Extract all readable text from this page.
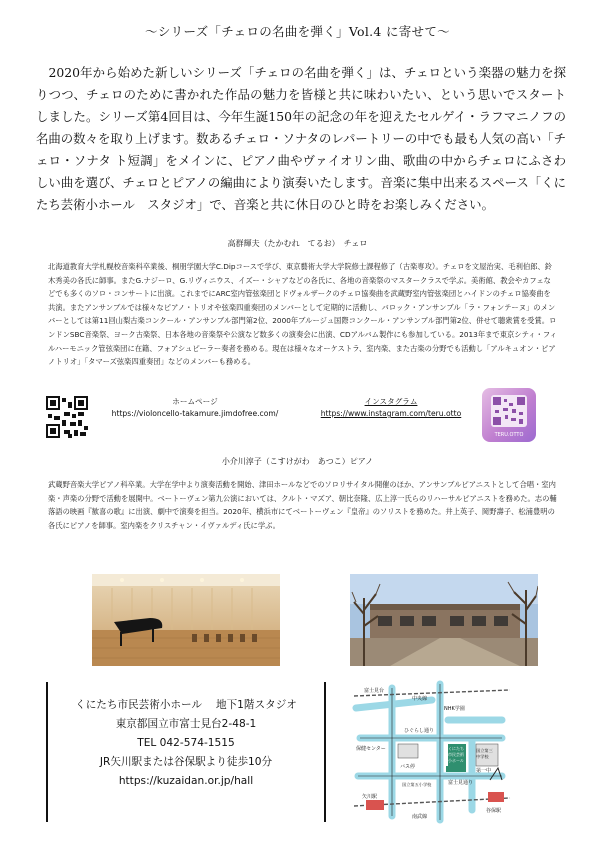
～シリーズ「チェロの名曲を弾く」Vol.4 に寄せて～
　2020年から始めた新しいシリーズ「チェロの名曲を弾く」は、チェロという楽器の魅力を探りつつ、チェロのために書かれた作品の魅力を皆様と共に味わいたい、という思いでスタートしました。シリーズ第4回目は、今年生誕150年の記念の年を迎えたセルゲイ・ラフマニノフの名曲の数々を取り上げます。数あるチェロ・ソナタのレパートリーの中でも最も人気の高い「チェロ・ソナタ ト短調」をメインに、ピアノ曲やヴァイオリン曲、歌曲の中からチェロにふさわしい曲を選び、チェロとピアノの編曲により演奏いたします。音楽に集中出来るスペース「くにたち芸術小ホール　スタジオ」で、音楽と共に休日のひと時をお楽しみください。
高群輝夫（たかむれ　てるお）　チェロ
北海道教育大学札幌校音楽科卒業後、桐朋学園大学C.Dipコースで学び、東京藝術大学大学院修士課程修了（古楽専攻）。チェロを文屋治実、毛利伯郎、鈴木秀美の各氏に師事。またG.ナジーロ、G.リヴィニウス、イズー・シャアなどの各氏に、各地の音楽祭のマスタークラスで学ぶ。美術館、教会やカフェなどでも多くのソロ・コンサートに出演。これまでにARC室内管弦楽団とドヴォルザークのチェロ協奏曲を武蔵野室内管弦楽団とハイドンのチェロ協奏曲を共演。またアンサンブルでは様々なピアノ・トリオや弦楽四重奏団のメンバーとして定期的に活動し、バロック・アンサンブル「ラ・フォンテーヌ」のメンバーとしては第11回山梨古楽コンクール・アンサンブル部門第2位、2000年ブルージュ国際コンクール・アンサンブル部門第2位、併せて聴衆賞を受賞。ロンドンSBC音楽祭、ヨーク古楽祭、日本各地の音楽祭や公演など数多くの演奏会に出演、CDアルバム製作にも参加している。2013年まで東京シティ・フィルハーモニック管弦楽団に在籍、フォアシュピーラー奏者を務める。現在は様々なオーケストラ、室内楽、また古楽の分野でも活動し「アルキュオン・ピアノトリオ」「タマーズ弦楽四重奏団」などのメンバーも務める。
ホームページ
https://violoncello-takamure.jimdofree.com/
インスタグラム
https://www.instagram.com/teru.otto
TERU.OTTO
小介川淳子（こすけがわ　あつこ）ピアノ
武蔵野音楽大学ピアノ科卒業。大学在学中より演奏活動を開始、津田ホールなどでのソロリサイタル開催のほか、アンサンブルピアニストとして合唱・室内楽・声楽の分野で活動を展開中。ベートーヴェン第九公演においては、クルト・マズア、朝比奈隆、広上淳一氏らのリハーサルピアニストを務めた。志の輔落語の映画『歓喜の歌』に出演、劇中で演奏を担当。2020年、横浜市にてベートーヴェン『皇帝』のソリストを務めた。井上英子、岡野壽子、松浦豊明の各氏にピアノを師事。室内楽をクリスチャン・イヴァルディ氏に学ぶ。
くにたち市民芸術小ホール　 地下1階スタジオ
東京都国立市富士見台2-48-1
TEL 042-574-1515
JR矢川駅または谷保駅より徒歩10分
https://kuzaidan.or.jp/hall
富士見台
中央線
NHK学園
ひぐらし通り
くにたち
市民芸術
小ホール
保健センター
バス停
国立第三
中学校
国立第五小学校
矢川駅
富士見通り
第一中
谷保駅
南武線
